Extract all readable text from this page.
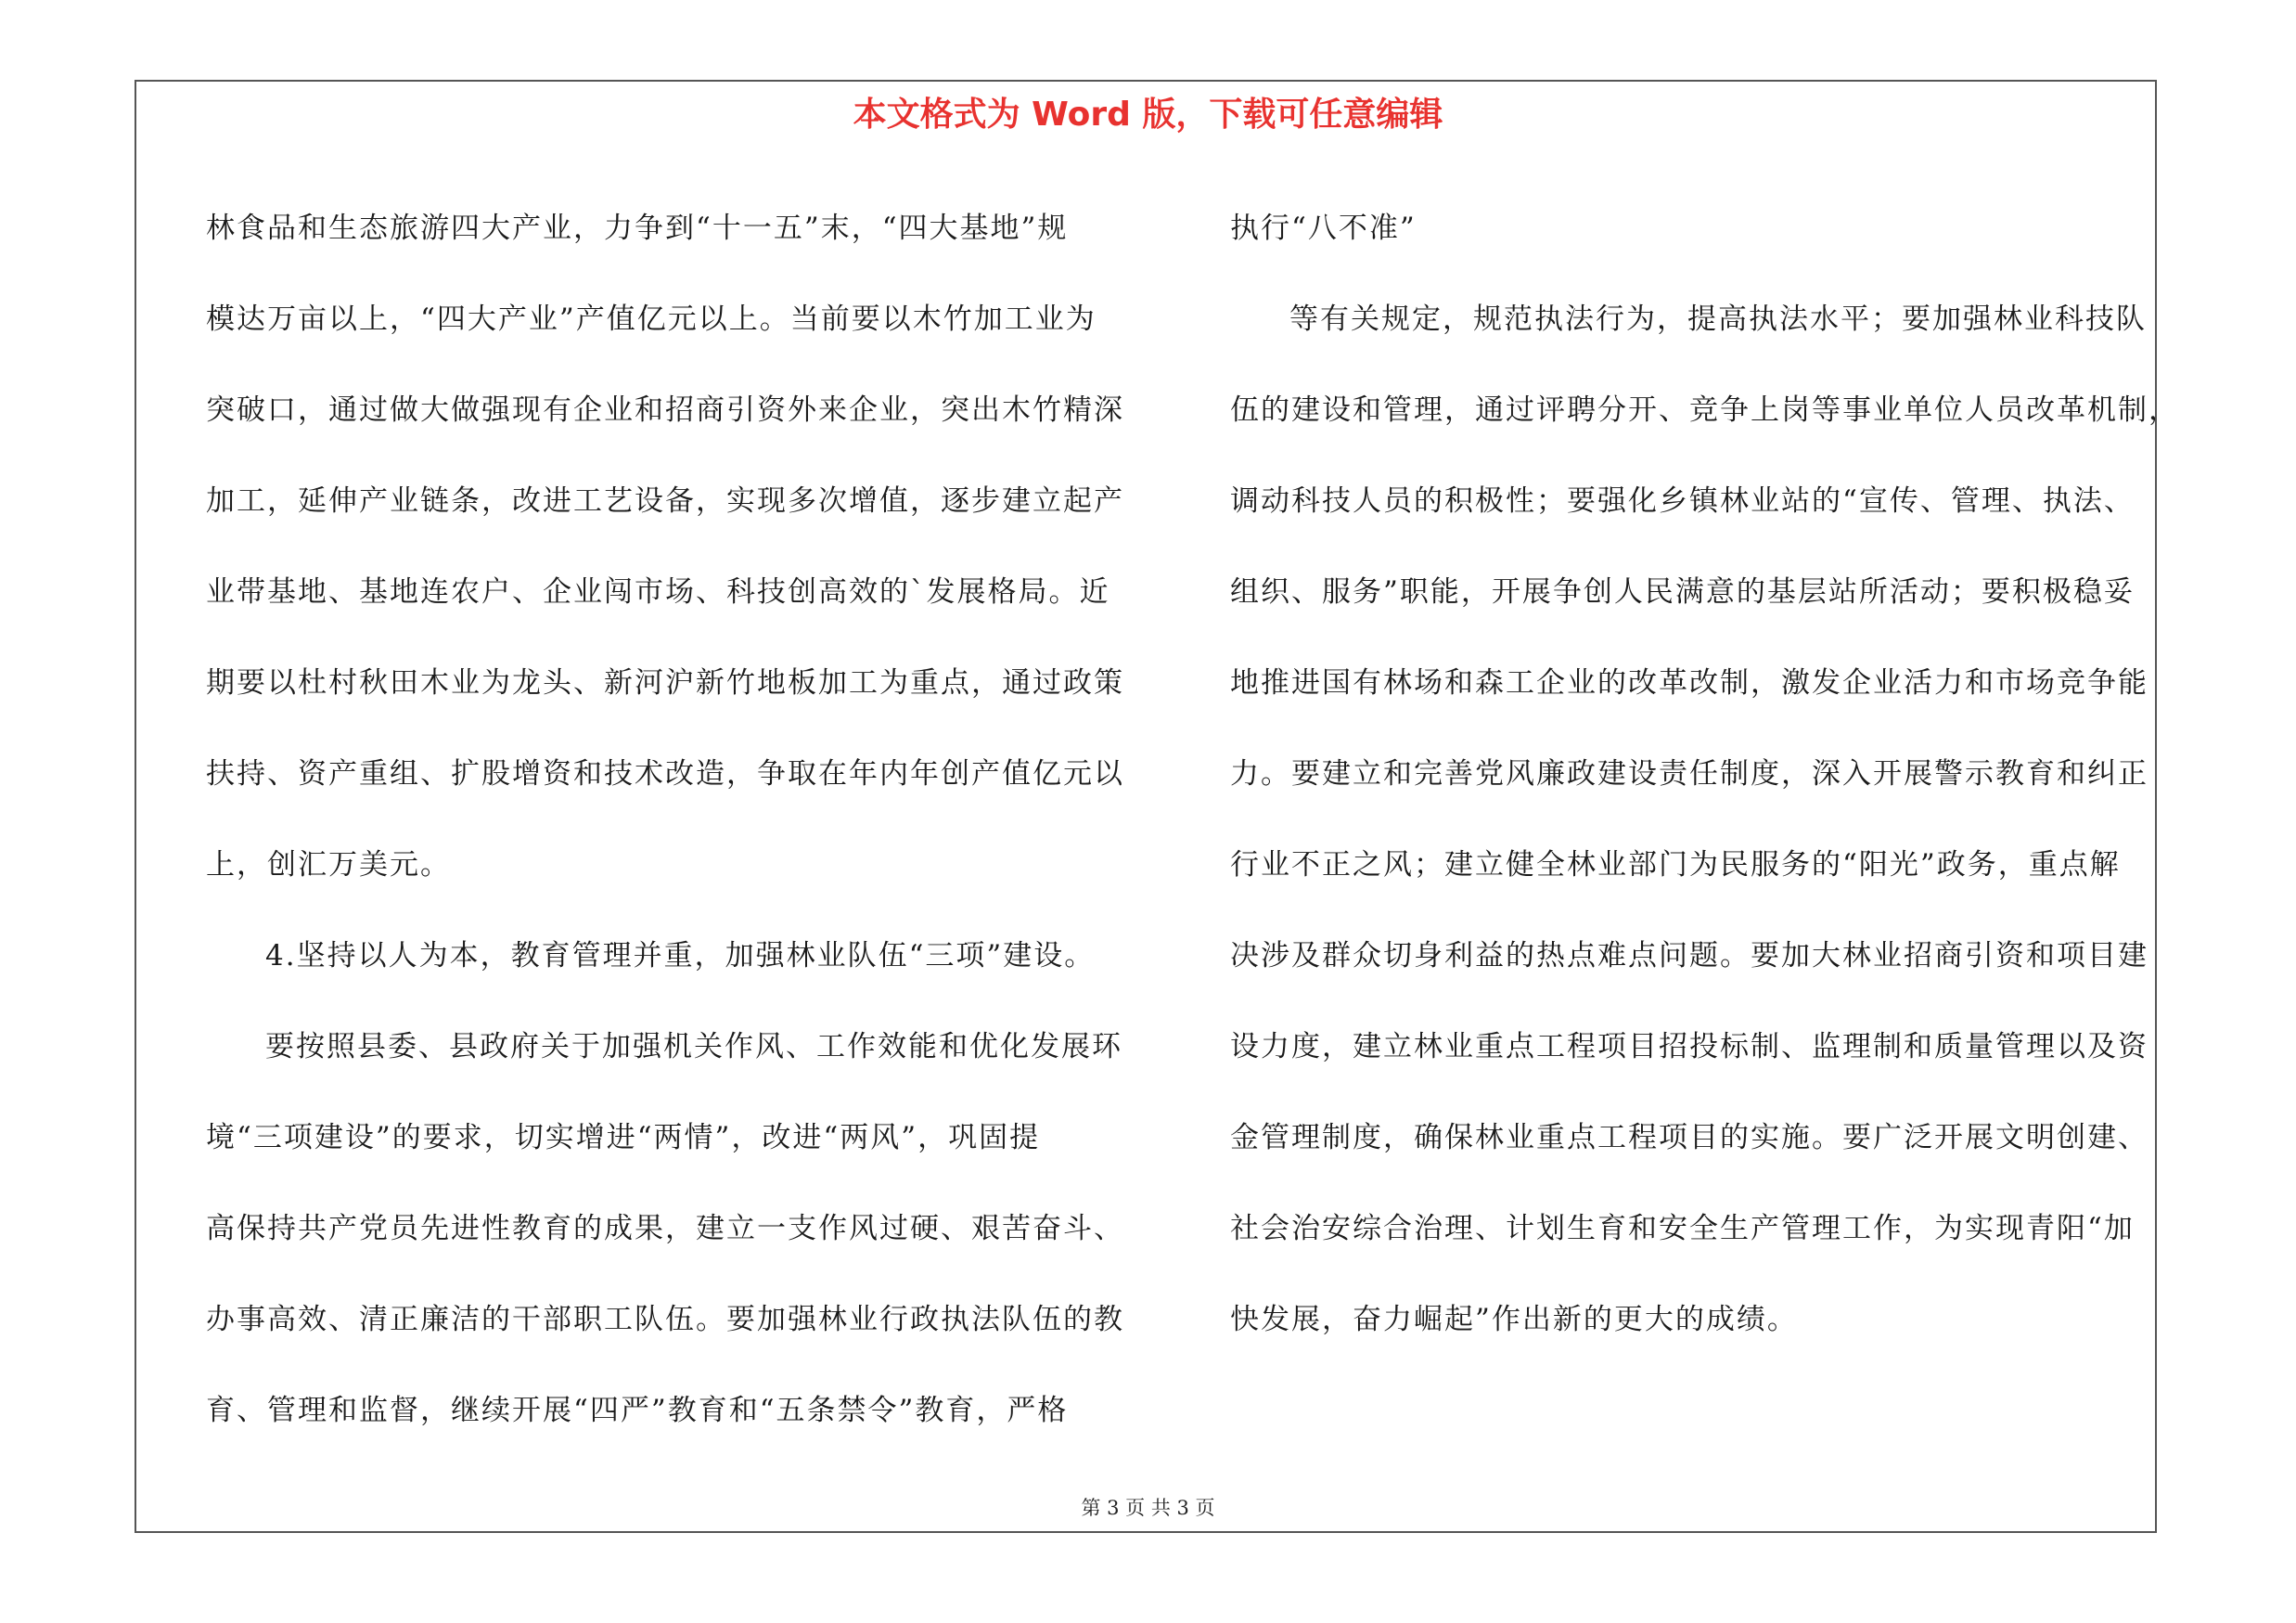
本文格式为 Word 版，下载可任意编辑

林食品和生态旅游四大产业，力争到“十一五”末，“四大基地”规

模达万亩以上，“四大产业”产值亿元以上。当前要以木竹加工业为

突破口，通过做大做强现有企业和招商引资外来企业，突出木竹精深

加工，延伸产业链条，改进工艺设备，实现多次增值，逐步建立起产

业带基地、基地连农户、企业闯市场、科技创高效的`发展格局。近

期要以杜村秋田木业为龙头、新河沪新竹地板加工为重点，通过政策

扶持、资产重组、扩股增资和技术改造，争取在年内年创产值亿元以

上，创汇万美元。

4.坚持以人为本，教育管理并重，加强林业队伍“三项”建设。

要按照县委、县政府关于加强机关作风、工作效能和优化发展环

境“三项建设”的要求，切实增进“两情”，改进“两风”，巩固提

高保持共产党员先进性教育的成果，建立一支作风过硬、艰苦奋斗、

办事高效、清正廉洁的干部职工队伍。要加强林业行政执法队伍的教

育、管理和监督，继续开展“四严”教育和“五条禁令”教育，严格

执行“八不准”

等有关规定，规范执法行为，提高执法水平；要加强林业科技队

伍的建设和管理，通过评聘分开、竞争上岗等事业单位人员改革机制，

调动科技人员的积极性；要强化乡镇林业站的“宣传、管理、执法、

组织、服务”职能，开展争创人民满意的基层站所活动；要积极稳妥

地推进国有林场和森工企业的改革改制，激发企业活力和市场竞争能

力。要建立和完善党风廉政建设责任制度，深入开展警示教育和纠正

行业不正之风；建立健全林业部门为民服务的“阳光”政务，重点解

决涉及群众切身利益的热点难点问题。要加大林业招商引资和项目建

设力度，建立林业重点工程项目招投标制、监理制和质量管理以及资

金管理制度，确保林业重点工程项目的实施。要广泛开展文明创建、

社会治安综合治理、计划生育和安全生产管理工作，为实现青阳“加

快发展，奋力崛起”作出新的更大的成绩。

第 3 页 共 3 页
